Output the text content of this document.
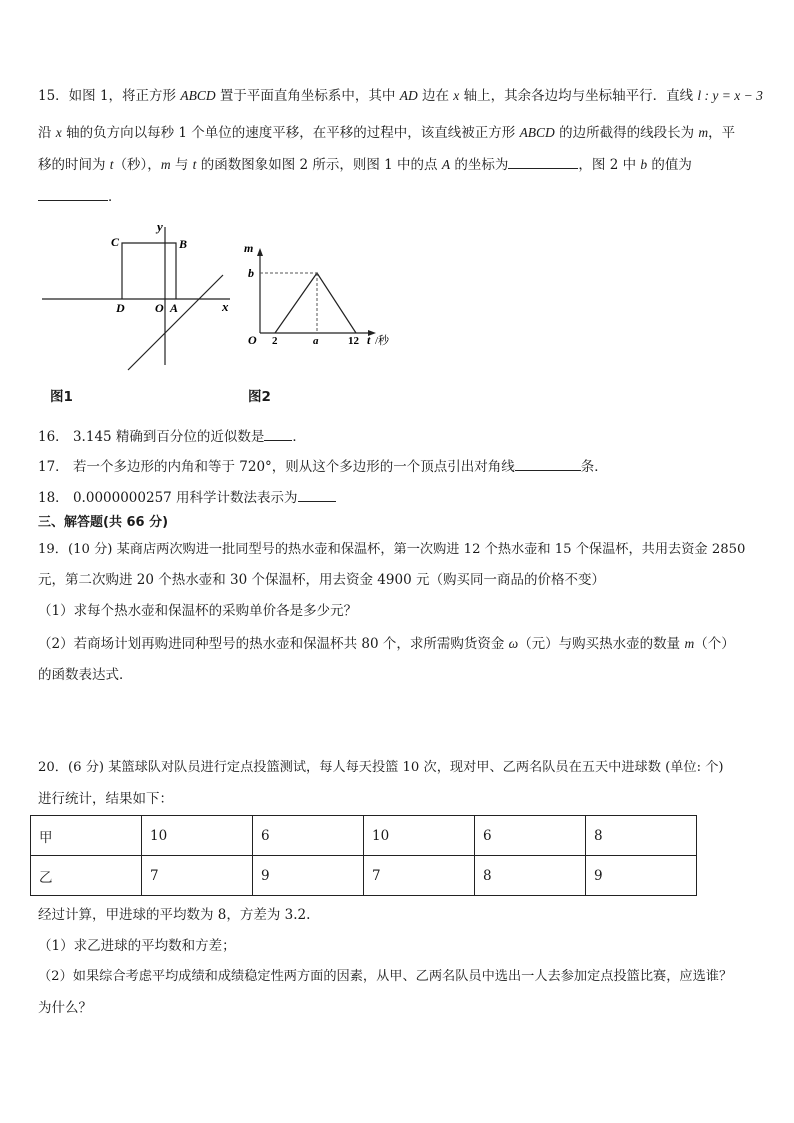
15．如图 1，将正方形 ABCD 置于平面直角坐标系中，其中 AD 边在 x 轴上，其余各边均与坐标轴平行．直线 l : y = x − 3
沿 x 轴的负方向以每秒 1 个单位的速度平移，在平移的过程中，该直线被正方形 ABCD 的边所截得的线段长为 m，平
移的时间为 t（秒），m 与 t 的函数图象如图 2 所示，则图 1 中的点 A 的坐标为	，图 2 中 b 的值为
．
x
y
C	B
D	O A
m
b
O 2	a	12 t /秒
图1	图2
16． 3.145 精确到百分位的近似数是 ．
17． 若一个多边形的内角和等于 720°，则从这个多边形的一个顶点引出对角线	条．
18． 0.0000000257 用科学计数法表示为
三、解答题(共 66 分)
19．(10 分) 某商店两次购进一批同型号的热水壶和保温杯，第一次购进 12 个热水壶和 15 个保温杯，共用去资金 2850
元，第二次购进 20 个热水壶和 30 个保温杯，用去资金 4900 元（购买同一商品的价格不变）
（1）求每个热水壶和保温杯的采购单价各是多少元？
（2）若商场计划再购进同种型号的热水壶和保温杯共 80 个，求所需购货资金 ω（元）与购买热水壶的数量 m（个）
的函数表达式．
20．(6 分) 某篮球队对队员进行定点投篮测试，每人每天投篮 10 次，现对甲、乙两名队员在五天中进球数 (单位: 个)
进行统计，结果如下：
甲	10	6	10	6	8
乙	7	9	7	8	9
经过计算，甲进球的平均数为 8，方差为 3.2.
（1）求乙进球的平均数和方差；
（2）如果综合考虑平均成绩和成绩稳定性两方面的因素，从甲、乙两名队员中选出一人去参加定点投篮比赛，应选谁？
为什么？
